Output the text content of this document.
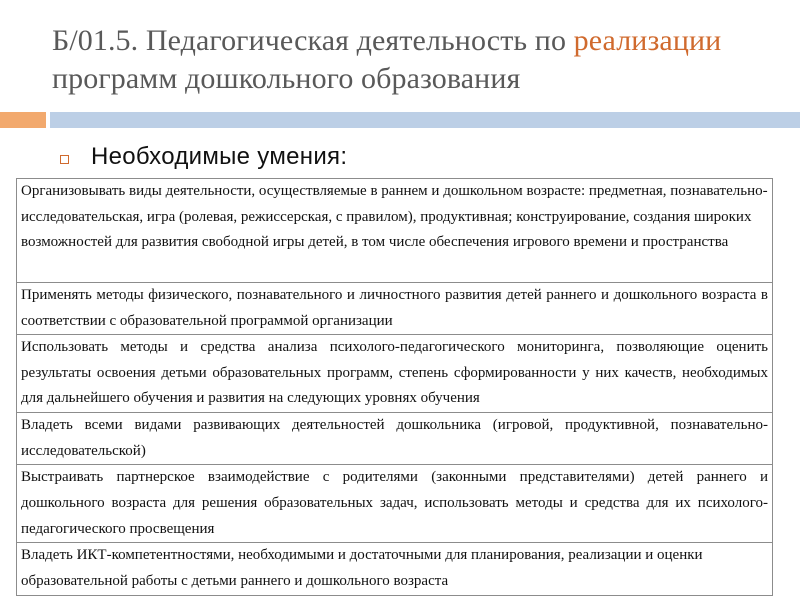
Б/01.5. Педагогическая деятельность по реализации
программ дошкольного образования
Необходимые умения:
Организовывать виды деятельности, осуществляемые в раннем и дошкольном возрасте: предметная, познавательно-исследовательская, игра (ролевая, режиссерская, с правилом), продуктивная; конструирование, создания широких возможностей для развития свободной игры детей, в том числе обеспечения игрового времени и пространства
Применять методы физического, познавательного и личностного развития детей раннего и дошкольного возраста в соответствии с образовательной программой организации
Использовать методы и средства анализа психолого-педагогического мониторинга, позволяющие оценить результаты освоения детьми образовательных программ, степень сформированности у них качеств, необходимых для дальнейшего обучения и развития на следующих уровнях обучения
Владеть всеми видами развивающих деятельностей дошкольника (игровой, продуктивной, познавательно-исследовательской)
Выстраивать партнерское взаимодействие с родителями (законными представителями) детей раннего и дошкольного возраста для решения образовательных задач, использовать методы и средства для их психолого-педагогического просвещения
Владеть ИКТ-компетентностями, необходимыми и достаточными для планирования, реализации и оценки образовательной работы с детьми раннего и дошкольного возраста
